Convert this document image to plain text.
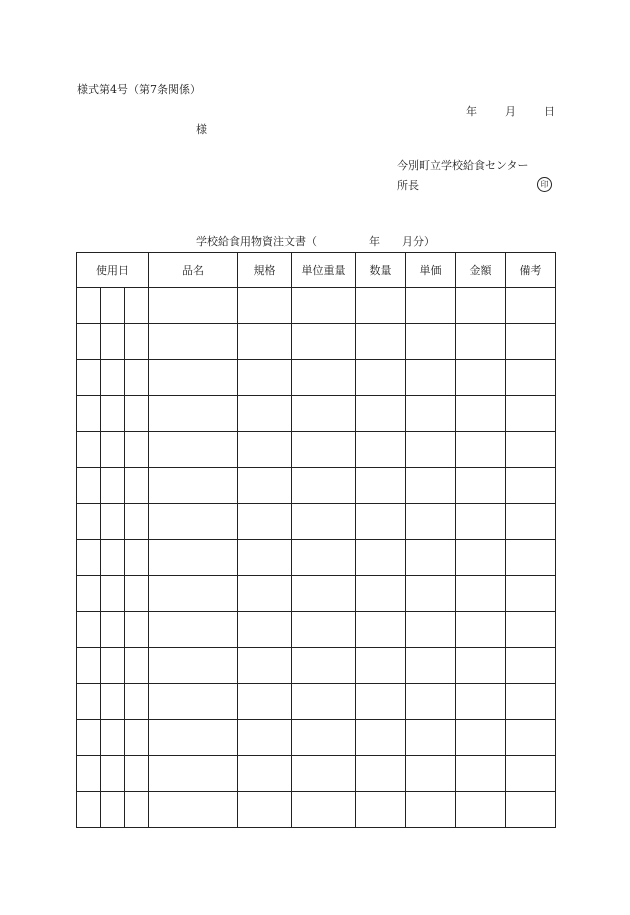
様式第4号（第7条関係）
年	月	日
様
今別町立学校給食センター
所長	印
学校給食用物資注文書（	年 月分）
使用日			品名	規格	単位重量	数量	単価	金額	備考
